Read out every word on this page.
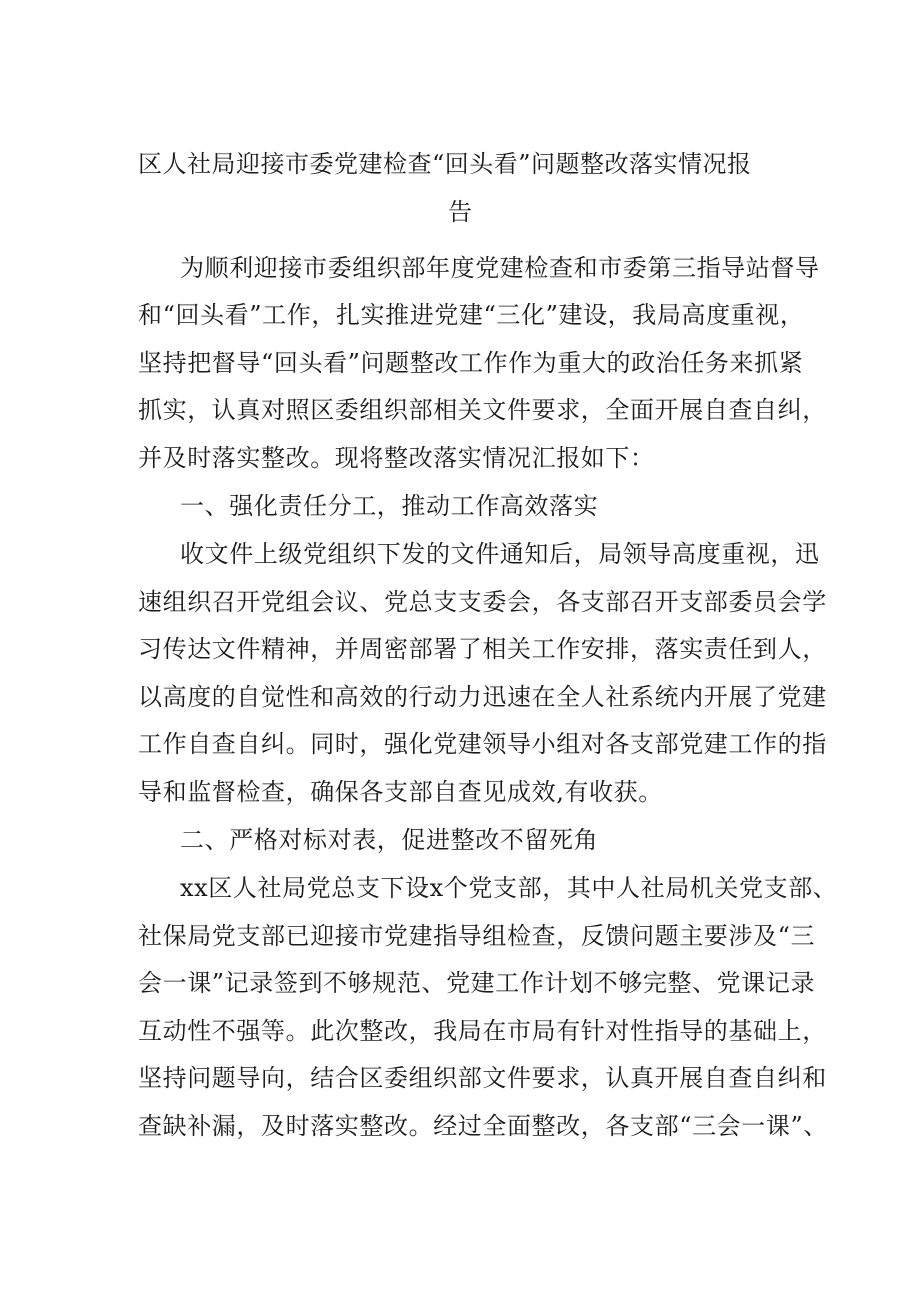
区人社局迎接市委党建检查“回头看”问题整改落实情况报
告
为顺利迎接市委组织部年度党建检查和市委第三指导站督导
和“回头看”工作，扎实推进党建“三化”建设，我局高度重视，
坚持把督导“回头看”问题整改工作作为重大的政治任务来抓紧
抓实，认真对照区委组织部相关文件要求，全面开展自查自纠，
并及时落实整改。现将整改落实情况汇报如下：
一、强化责任分工，推动工作高效落实
收文件上级党组织下发的文件通知后，局领导高度重视，迅
速组织召开党组会议、党总支支委会，各支部召开支部委员会学
习传达文件精神，并周密部署了相关工作安排，落实责任到人，
以高度的自觉性和高效的行动力迅速在全人社系统内开展了党建
工作自查自纠。同时，强化党建领导小组对各支部党建工作的指
导和监督检查，确保各支部自查见成效,有收获。
二、严格对标对表，促进整改不留死角
xx区人社局党总支下设x个党支部，其中人社局机关党支部、
社保局党支部已迎接市党建指导组检查，反馈问题主要涉及“三
会一课”记录签到不够规范、党建工作计划不够完整、党课记录
互动性不强等。此次整改，我局在市局有针对性指导的基础上，
坚持问题导向，结合区委组织部文件要求，认真开展自查自纠和
查缺补漏，及时落实整改。经过全面整改，各支部“三会一课”、
